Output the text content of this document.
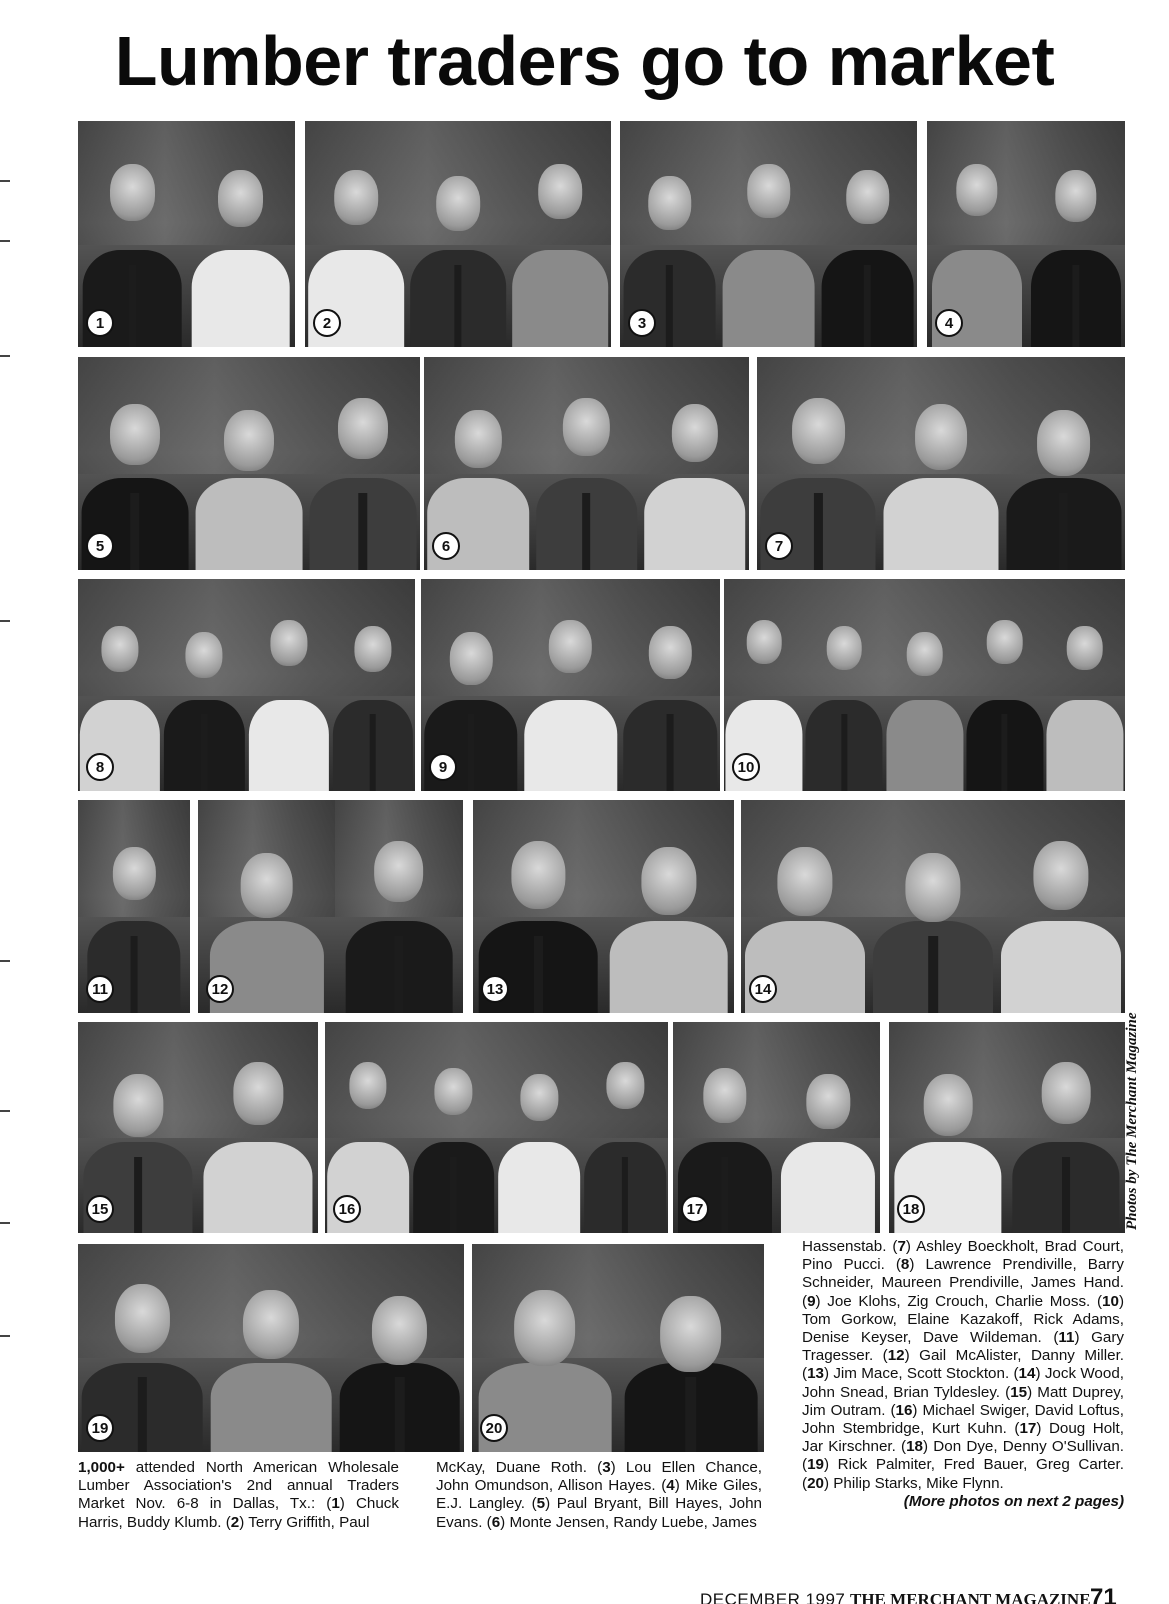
Lumber traders go to market
1	2	3	4
5	6	7
8	9	10
11	12	13	14
15	16	17	18
19	20
Photos by The Merchant Magazine
1,000+ attended North American Wholesale Lumber Association's 2nd annual Traders Market Nov. 6-8 in Dallas, Tx.: (1) Chuck Harris, Buddy Klumb. (2) Terry Griffith, Paul
McKay, Duane Roth. (3) Lou Ellen Chance, John Omundson, Allison Hayes. (4) Mike Giles, E.J. Langley. (5) Paul Bryant, Bill Hayes, John Evans. (6) Monte Jensen, Randy Luebe, James
Hassenstab. (7) Ashley Boeckholt, Brad Court, Pino Pucci. (8) Lawrence Prendiville, Barry Schneider, Maureen Prendiville, James Hand. (9) Joe Klohs, Zig Crouch, Charlie Moss. (10) Tom Gorkow, Elaine Kazakoff, Rick Adams, Denise Keyser, Dave Wildeman. (11) Gary Tragesser. (12) Gail McAlister, Danny Miller. (13) Jim Mace, Scott Stockton. (14) Jock Wood, John Snead, Brian Tyldesley. (15) Matt Duprey, Jim Outram. (16) Michael Swiger, David Loftus, John Stembridge, Kurt Kuhn. (17) Doug Holt, Jar Kirschner. (18) Don Dye, Denny O'Sullivan. (19) Rick Palmiter, Fred Bauer, Greg Carter. (20) Philip Starks, Mike Flynn.
(More photos on next 2 pages)
DECEMBER 1997 THE MERCHANT MAGAZINE 71
